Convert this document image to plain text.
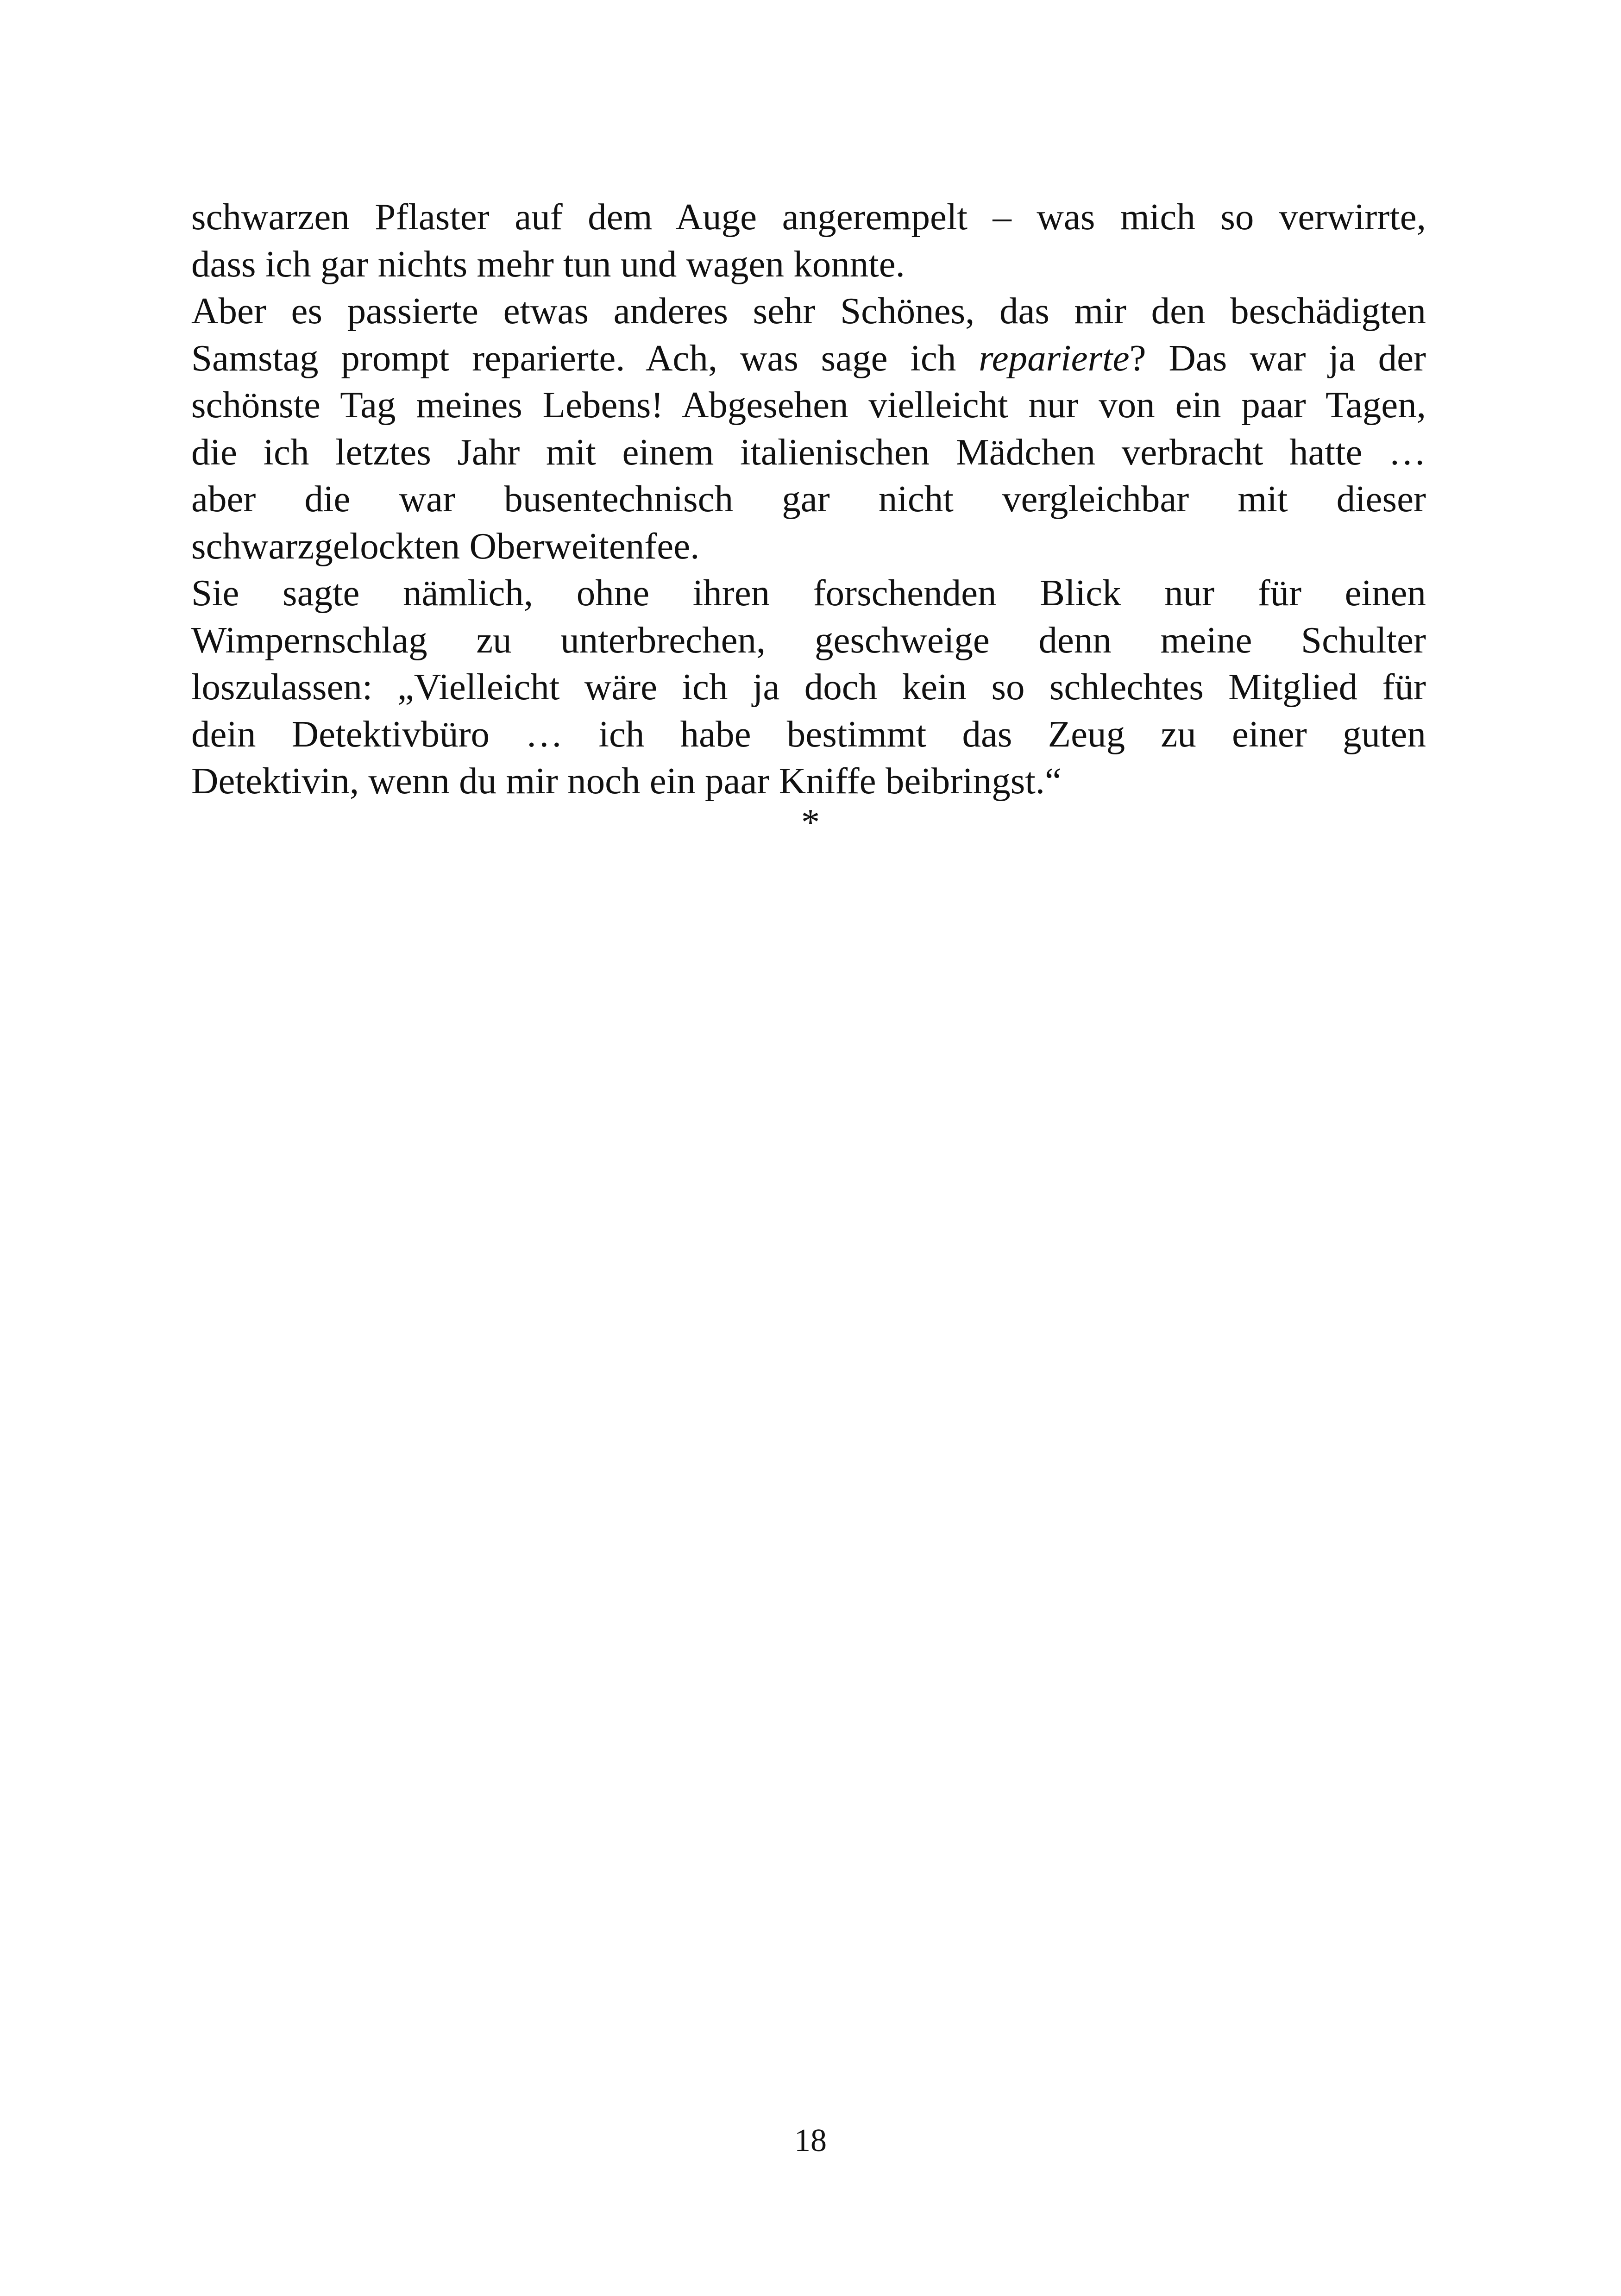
schwarzen Pflaster auf dem Auge angerempelt – was mich so verwirrte,
dass ich gar nichts mehr tun und wagen konnte.

Aber es passierte etwas anderes sehr Schönes, das mir den beschädigten
Samstag prompt reparierte. Ach, was sage ich reparierte? Das war ja der
schönste Tag meines Lebens! Abgesehen vielleicht nur von ein paar Tagen,
die ich letztes Jahr mit einem italienischen Mädchen verbracht hatte …
aber die war busentechnisch gar nicht vergleichbar mit dieser
schwarzgelockten Oberweitenfee.

Sie sagte nämlich, ohne ihren forschenden Blick nur für einen
Wimpernschlag zu unterbrechen, geschweige denn meine Schulter
loszulassen: „Vielleicht wäre ich ja doch kein so schlechtes Mitglied für
dein Detektivbüro … ich habe bestimmt das Zeug zu einer guten
Detektivin, wenn du mir noch ein paar Kniffe beibringst.“

*
18
